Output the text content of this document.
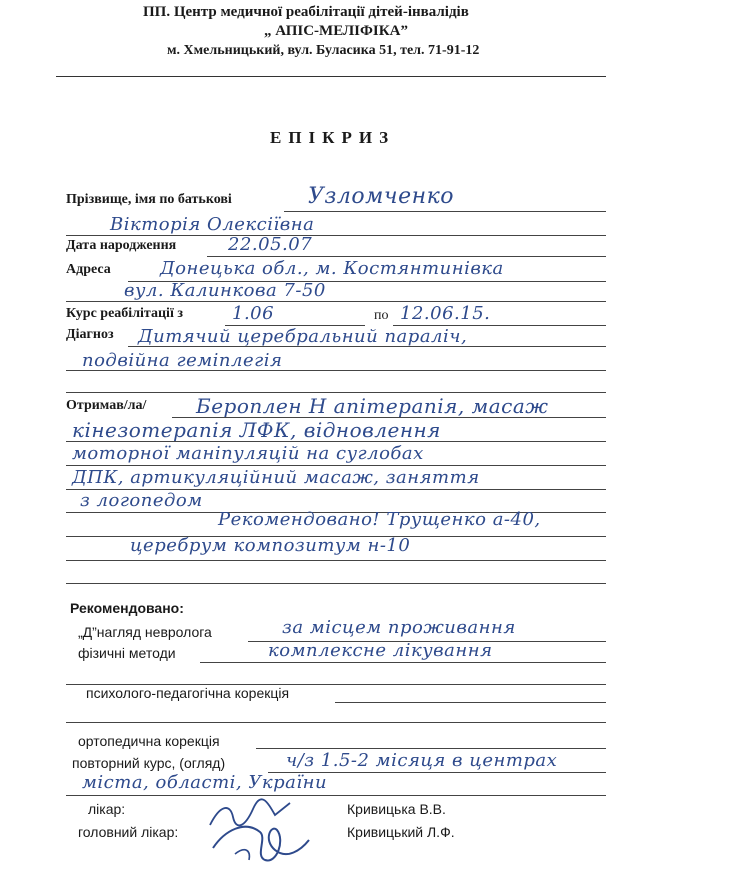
ПП. Центр медичної реабілітації дітей-інвалідів
„ АПІС-МЕЛІФІКА”
м. Хмельницький, вул. Буласика 51, тел. 71-91-12
ЕПІКРИЗ
Прізвище, імя по батькові	Узломченко
Вікторія Олексіївна
Дата народження	22.05.07
Адреса	Донецька обл., м. Костянтинівка
вул. Калинкова 7-50
Курс реабілітації з	1.06	по 12.06.15.
Діагноз Дитячий церебральний параліч,
подвійна геміплегія
Отримав/ла/ Бероплен Н апітерапія, масаж
кінезотерапія ЛФК, відновлення
моторної маніпуляцій на суглобах
ДПК, артикуляційний масаж, заняття
з логопедом
Рекомендовано! Трущенко а-40,
церебрум композитум н-10
Рекомендовано:
„Д”нагляд невролога	за місцем проживання
фізичні методи	комплексне лікування
психолого-педагогічна корекція
ортопедична корекція
повторний курс, (огляд)	ч/з 1.5-2 місяця в центрах
міста, області, України
лікар:	Кривицька В.В.
головний лікар:	Кривицький Л.Ф.
